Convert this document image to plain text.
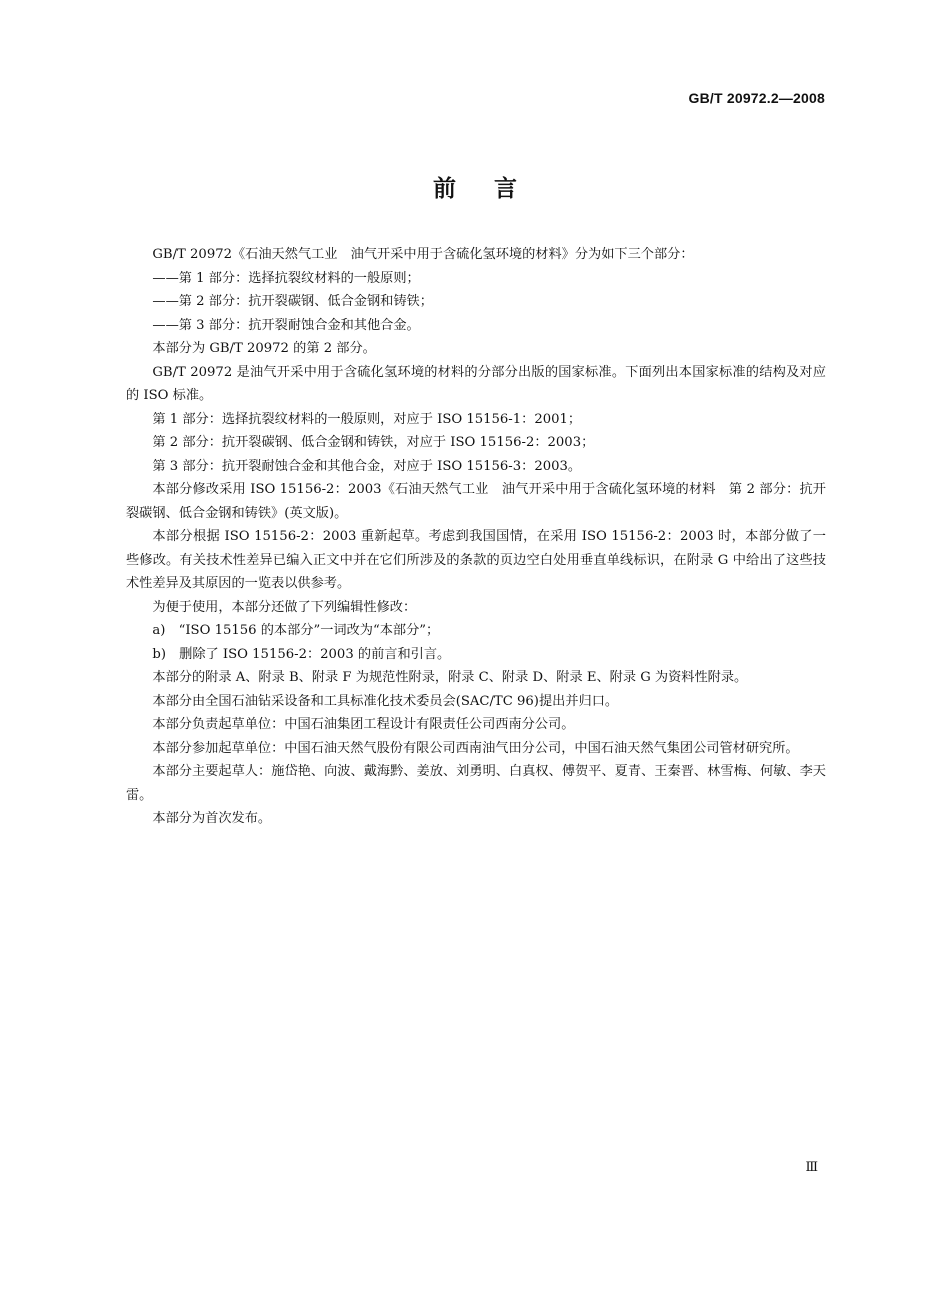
GB/T 20972.2—2008
前言

GB/T 20972《石油天然气工业　油气开采中用于含硫化氢环境的材料》分为如下三个部分：

——第 1 部分：选择抗裂纹材料的一般原则；

——第 2 部分：抗开裂碳钢、低合金钢和铸铁；

——第 3 部分：抗开裂耐蚀合金和其他合金。

本部分为 GB/T 20972 的第 2 部分。

GB/T 20972 是油气开采中用于含硫化氢环境的材料的分部分出版的国家标准。下面列出本国家标准的结构及对应的 ISO 标准。

第 1 部分：选择抗裂纹材料的一般原则，对应于 ISO 15156-1：2001；

第 2 部分：抗开裂碳钢、低合金钢和铸铁，对应于 ISO 15156-2：2003；

第 3 部分：抗开裂耐蚀合金和其他合金，对应于 ISO 15156-3：2003。

本部分修改采用 ISO 15156-2：2003《石油天然气工业　油气开采中用于含硫化氢环境的材料　第 2 部分：抗开裂碳钢、低合金钢和铸铁》(英文版)。

本部分根据 ISO 15156-2：2003 重新起草。考虑到我国国情，在采用 ISO 15156-2：2003 时，本部分做了一些修改。有关技术性差异已编入正文中并在它们所涉及的条款的页边空白处用垂直单线标识，在附录 G 中给出了这些技术性差异及其原因的一览表以供参考。

为便于使用，本部分还做了下列编辑性修改：

a)　“ISO 15156 的本部分”一词改为“本部分”；

b)　删除了 ISO 15156-2：2003 的前言和引言。

本部分的附录 A、附录 B、附录 F 为规范性附录，附录 C、附录 D、附录 E、附录 G 为资料性附录。

本部分由全国石油钻采设备和工具标准化技术委员会(SAC/TC 96)提出并归口。

本部分负责起草单位：中国石油集团工程设计有限责任公司西南分公司。

本部分参加起草单位：中国石油天然气股份有限公司西南油气田分公司，中国石油天然气集团公司管材研究所。

本部分主要起草人：施岱艳、向波、戴海黔、姜放、刘勇明、白真权、傅贺平、夏青、王秦晋、林雪梅、何敏、李天雷。

本部分为首次发布。

Ⅲ
